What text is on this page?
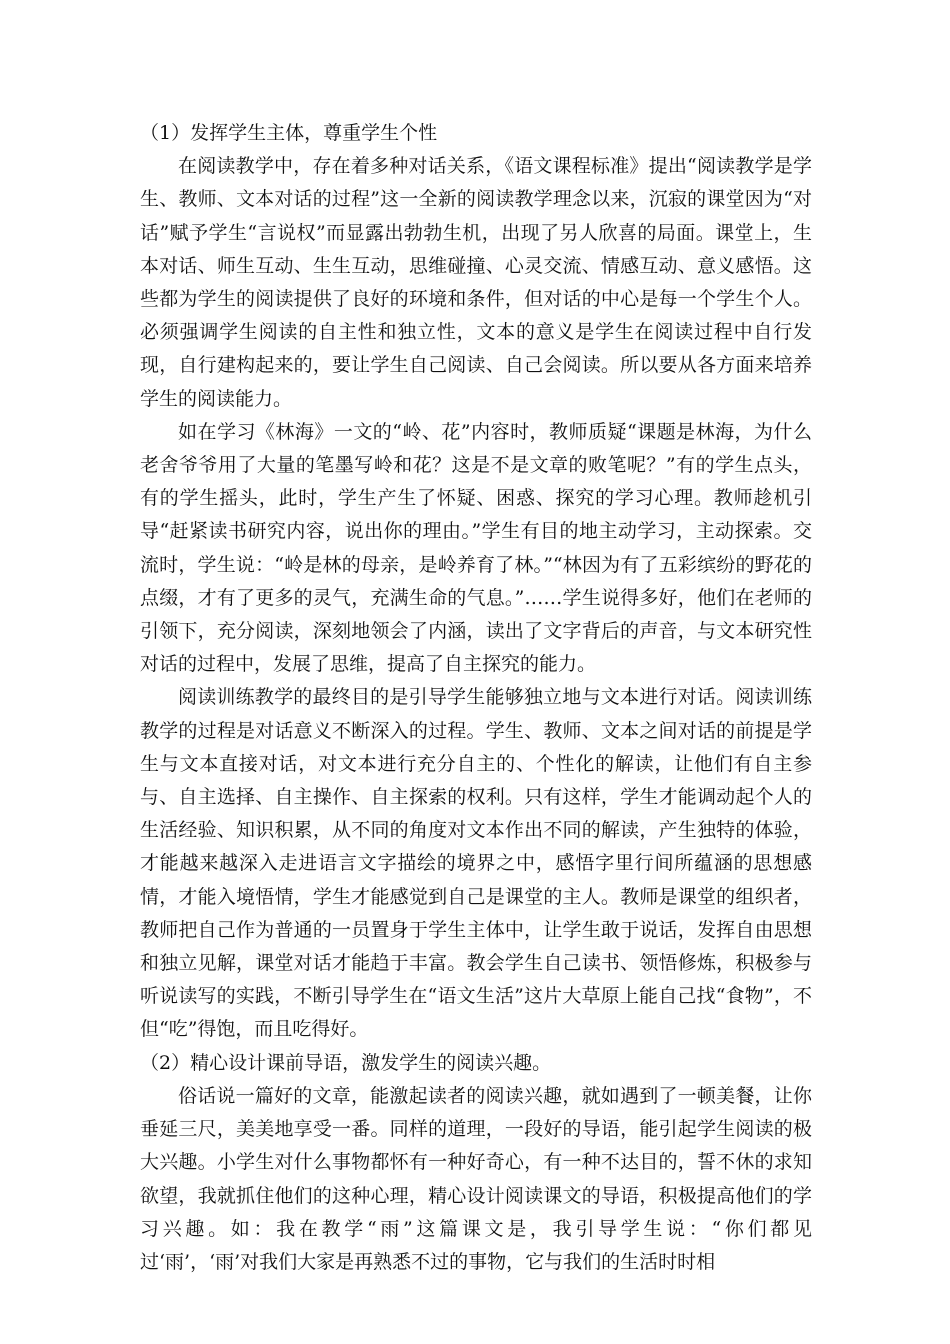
（1）发挥学生主体，尊重学生个性

在阅读教学中，存在着多种对话关系，《语文课程标准》提出“阅读教学是学生、教师、文本对话的过程”这一全新的阅读教学理念以来，沉寂的课堂因为“对话”赋予学生“言说权”而显露出勃勃生机，出现了另人欣喜的局面。课堂上，生本对话、师生互动、生生互动，思维碰撞、心灵交流、情感互动、意义感悟。这些都为学生的阅读提供了良好的环境和条件，但对话的中心是每一个学生个人。必须强调学生阅读的自主性和独立性，文本的意义是学生在阅读过程中自行发现，自行建构起来的，要让学生自己阅读、自己会阅读。所以要从各方面来培养学生的阅读能力。

如在学习《林海》一文的“岭、花”内容时，教师质疑“课题是林海，为什么老舍爷爷用了大量的笔墨写岭和花？这是不是文章的败笔呢？”有的学生点头，有的学生摇头，此时，学生产生了怀疑、困惑、探究的学习心理。教师趁机引导“赶紧读书研究内容，说出你的理由。”学生有目的地主动学习，主动探索。交流时，学生说：“岭是林的母亲，是岭养育了林。”“林因为有了五彩缤纷的野花的点缀，才有了更多的灵气，充满生命的气息。”……学生说得多好，他们在老师的引领下，充分阅读，深刻地领会了内涵，读出了文字背后的声音，与文本研究性对话的过程中，发展了思维，提高了自主探究的能力。

阅读训练教学的最终目的是引导学生能够独立地与文本进行对话。阅读训练教学的过程是对话意义不断深入的过程。学生、教师、文本之间对话的前提是学生与文本直接对话，对文本进行充分自主的、个性化的解读，让他们有自主参与、自主选择、自主操作、自主探索的权利。只有这样，学生才能调动起个人的生活经验、知识积累，从不同的角度对文本作出不同的解读，产生独特的体验，才能越来越深入走进语言文字描绘的境界之中，感悟字里行间所蕴涵的思想感情，才能入境悟情，学生才能感觉到自己是课堂的主人。教师是课堂的组织者，教师把自己作为普通的一员置身于学生主体中，让学生敢于说话，发挥自由思想和独立见解，课堂对话才能趋于丰富。教会学生自己读书、领悟修炼，积极参与听说读写的实践，不断引导学生在“语文生活”这片大草原上能自己找“食物”，不但“吃”得饱，而且吃得好。

（2）精心设计课前导语，激发学生的阅读兴趣。

俗话说一篇好的文章，能激起读者的阅读兴趣，就如遇到了一顿美餐，让你垂延三尺，美美地享受一番。同样的道理，一段好的导语，能引起学生阅读的极大兴趣。小学生对什么事物都怀有一种好奇心，有一种不达目的，誓不休的求知欲望，我就抓住他们的这种心理，精心设计阅读课文的导语，积极提高他们的学习兴趣。如：我在教学“雨”这篇课文是，我引导学生说：“你们都见过‘雨’，‘雨’对我们大家是再熟悉不过的事物，它与我们的生活时时相
